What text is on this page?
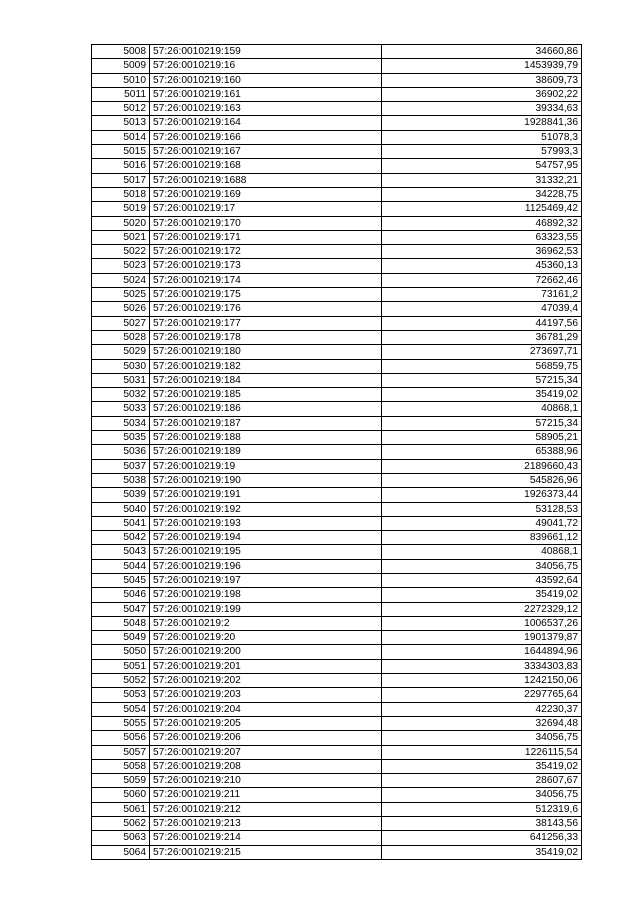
5008	57:26:0010219:159	34660,86
5009	57:26:0010219:16	1453939,79
5010	57:26:0010219:160	38609,73
5011	57:26:0010219:161	36902,22
5012	57:26:0010219:163	39334,63
5013	57:26:0010219:164	1928841,36
5014	57:26:0010219:166	51078,3
5015	57:26:0010219:167	57993,3
5016	57:26:0010219:168	54757,95
5017	57:26:0010219:1688	31332,21
5018	57:26:0010219:169	34228,75
5019	57:26:0010219:17	1125469,42
5020	57:26:0010219:170	46892,32
5021	57:26:0010219:171	63323,55
5022	57:26:0010219:172	36962,53
5023	57:26:0010219:173	45360,13
5024	57:26:0010219:174	72662,46
5025	57:26:0010219:175	73161,2
5026	57:26:0010219:176	47039,4
5027	57:26:0010219:177	44197,56
5028	57:26:0010219:178	36781,29
5029	57:26:0010219:180	273697,71
5030	57:26:0010219:182	56859,75
5031	57:26:0010219:184	57215,34
5032	57:26:0010219:185	35419,02
5033	57:26:0010219:186	40868,1
5034	57:26:0010219:187	57215,34
5035	57:26:0010219:188	58905,21
5036	57:26:0010219:189	65388,96
5037	57:26:0010219:19	2189660,43
5038	57:26:0010219:190	545826,96
5039	57:26:0010219:191	1926373,44
5040	57:26:0010219:192	53128,53
5041	57:26:0010219:193	49041,72
5042	57:26:0010219:194	839661,12
5043	57:26:0010219:195	40868,1
5044	57:26:0010219:196	34056,75
5045	57:26:0010219:197	43592,64
5046	57:26:0010219:198	35419,02
5047	57:26:0010219:199	2272329,12
5048	57:26:0010219:2	1006537,26
5049	57:26:0010219:20	1901379,87
5050	57:26:0010219:200	1644894,96
5051	57:26:0010219:201	3334303,83
5052	57:26:0010219:202	1242150,06
5053	57:26:0010219:203	2297765,64
5054	57:26:0010219:204	42230,37
5055	57:26:0010219:205	32694,48
5056	57:26:0010219:206	34056,75
5057	57:26:0010219:207	1226115,54
5058	57:26:0010219:208	35419,02
5059	57:26:0010219:210	28607,67
5060	57:26:0010219:211	34056,75
5061	57:26:0010219:212	512319,6
5062	57:26:0010219:213	38143,56
5063	57:26:0010219:214	641256,33
5064	57:26:0010219:215	35419,02
